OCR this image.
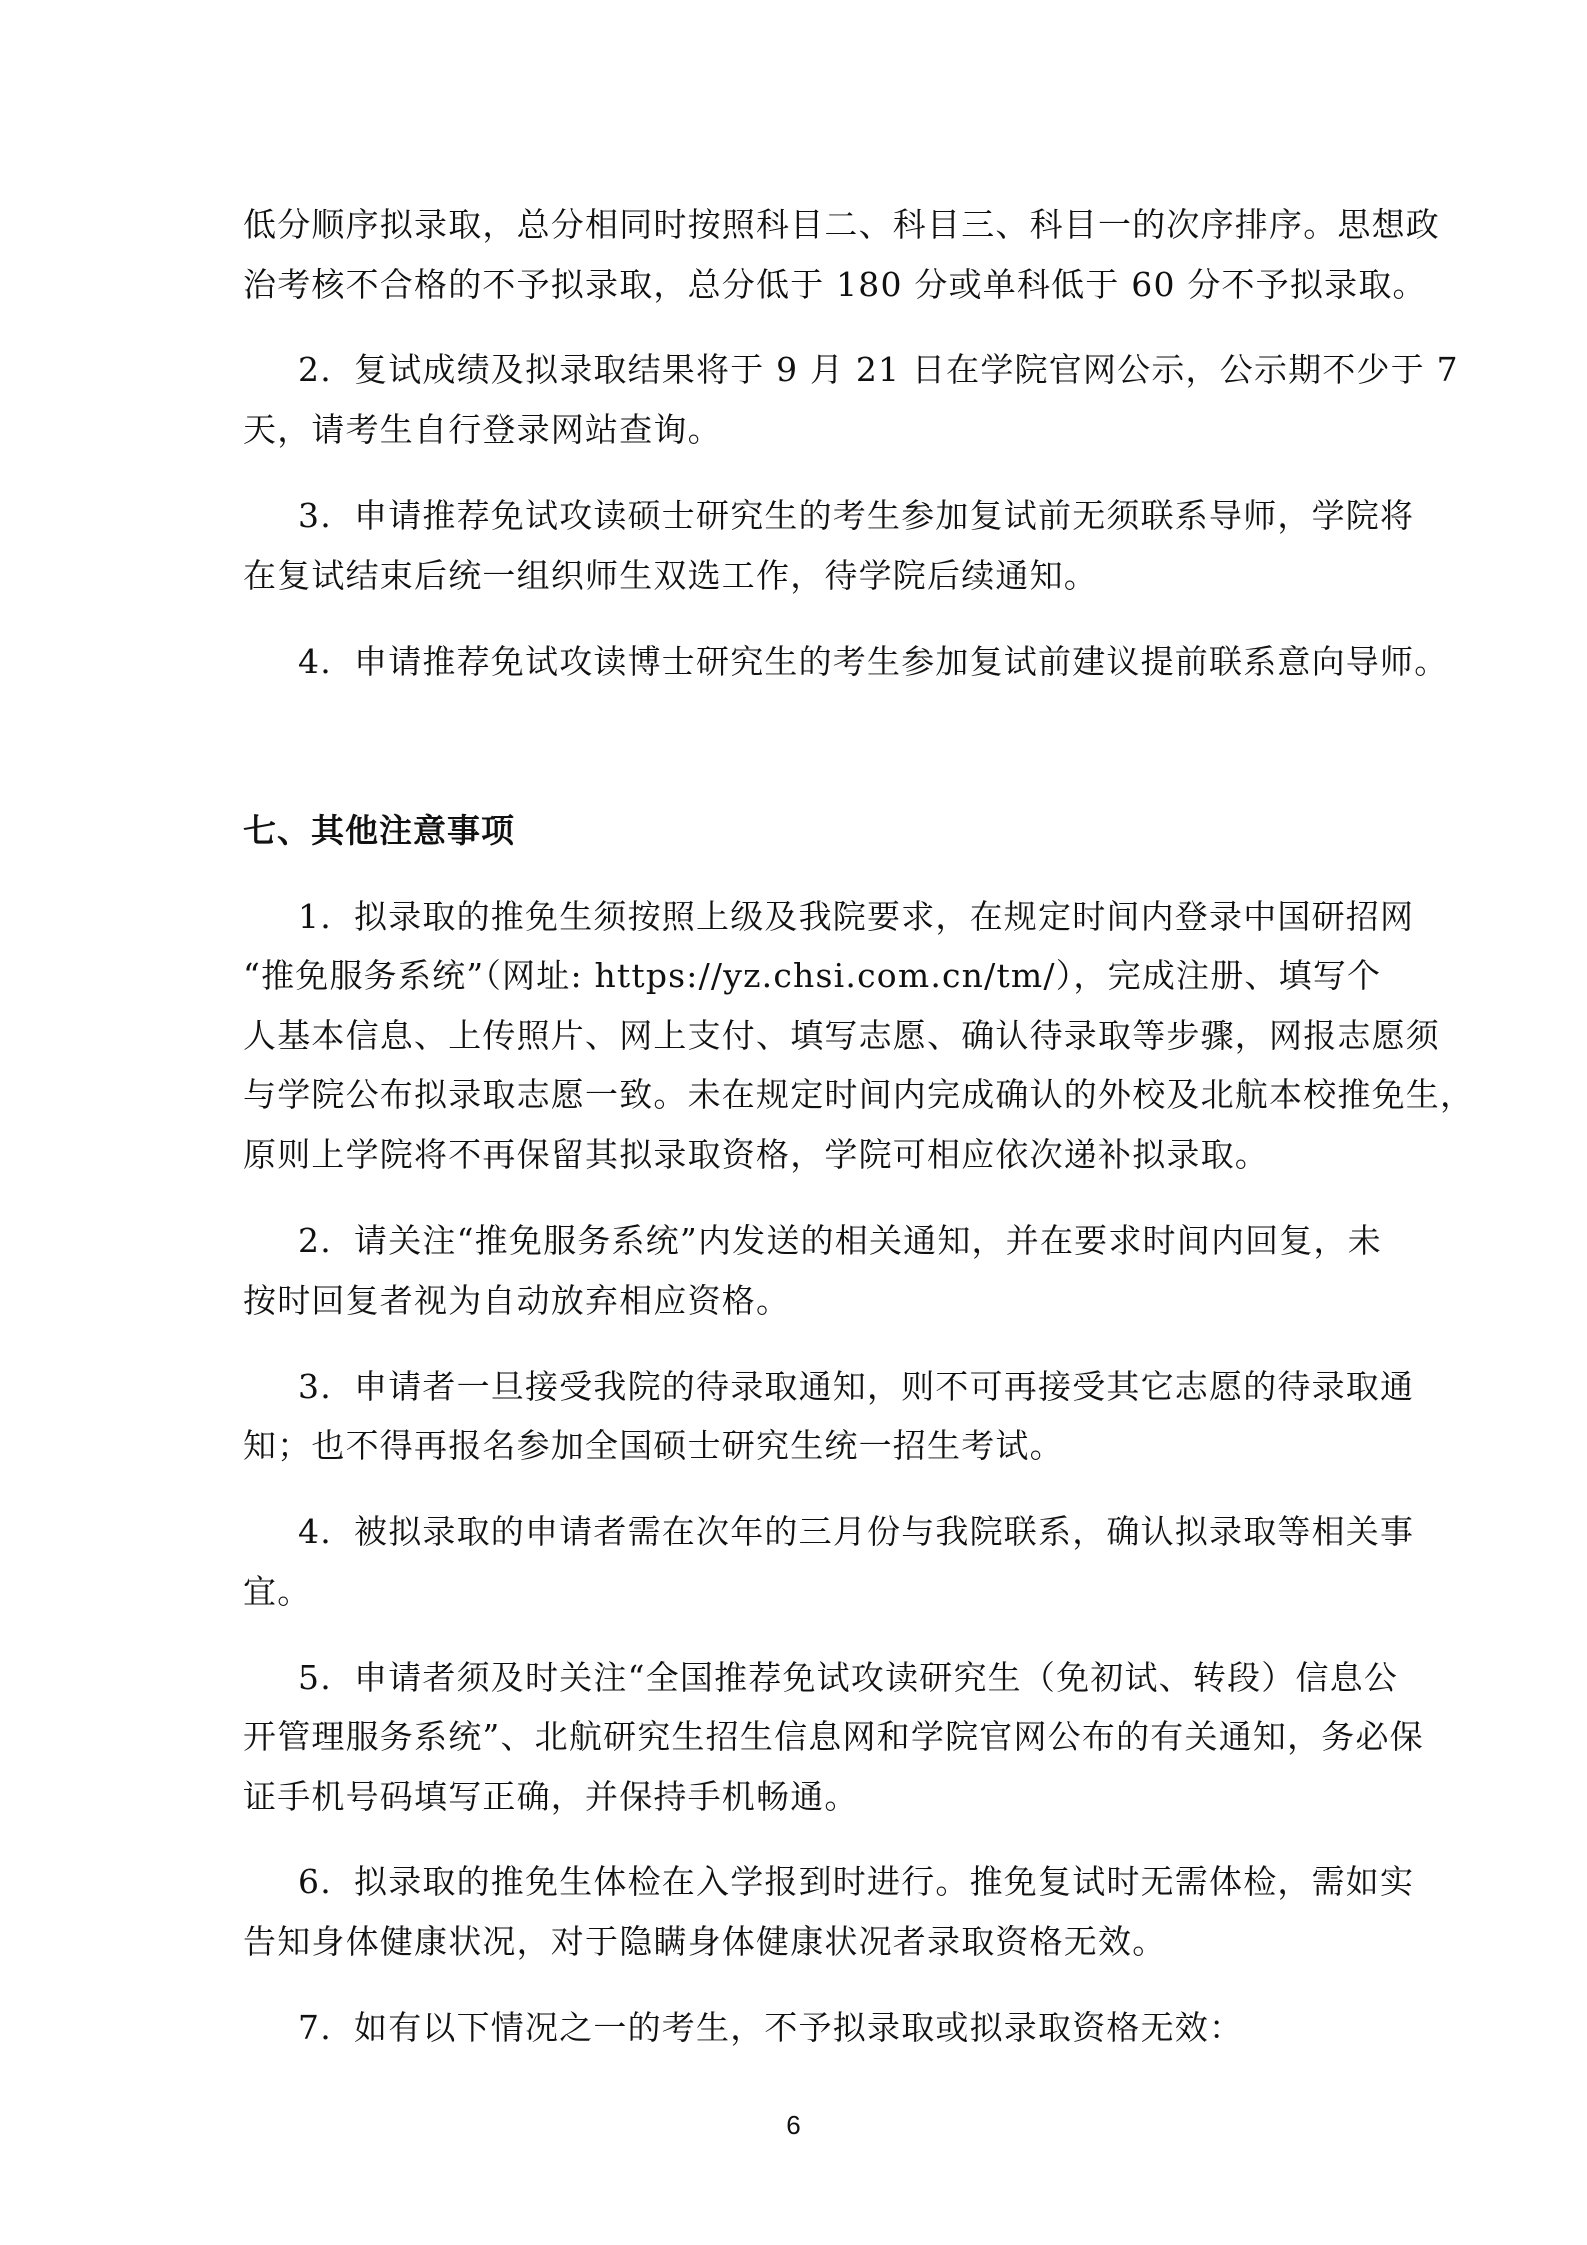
低分顺序拟录取，总分相同时按照科目二、科目三、科目一的次序排序。思想政
治考核不合格的不予拟录取，总分低于 180 分或单科低于 60 分不予拟录取。
2. 复试成绩及拟录取结果将于 9 月 21 日在学院官网公示，公示期不少于 7
天，请考生自行登录网站查询。
3. 申请推荐免试攻读硕士研究生的考生参加复试前无须联系导师，学院将
在复试结束后统一组织师生双选工作，待学院后续通知。
4. 申请推荐免试攻读博士研究生的考生参加复试前建议提前联系意向导师。
七、其他注意事项
1. 拟录取的推免生须按照上级及我院要求，在规定时间内登录中国研招网
“推免服务系统”（网址: https://yz.chsi.com.cn/tm/），完成注册、填写个
人基本信息、上传照片、网上支付、填写志愿、确认待录取等步骤，网报志愿须
与学院公布拟录取志愿一致。未在规定时间内完成确认的外校及北航本校推免生，
原则上学院将不再保留其拟录取资格，学院可相应依次递补拟录取。
2. 请关注“推免服务系统”内发送的相关通知，并在要求时间内回复，未
按时回复者视为自动放弃相应资格。
3. 申请者一旦接受我院的待录取通知，则不可再接受其它志愿的待录取通
知；也不得再报名参加全国硕士研究生统一招生考试。
4. 被拟录取的申请者需在次年的三月份与我院联系，确认拟录取等相关事
宜。
5. 申请者须及时关注“全国推荐免试攻读研究生（免初试、转段）信息公
开管理服务系统”、北航研究生招生信息网和学院官网公布的有关通知，务必保
证手机号码填写正确，并保持手机畅通。
6. 拟录取的推免生体检在入学报到时进行。推免复试时无需体检，需如实
告知身体健康状况，对于隐瞒身体健康状况者录取资格无效。
7. 如有以下情况之一的考生，不予拟录取或拟录取资格无效：
6
